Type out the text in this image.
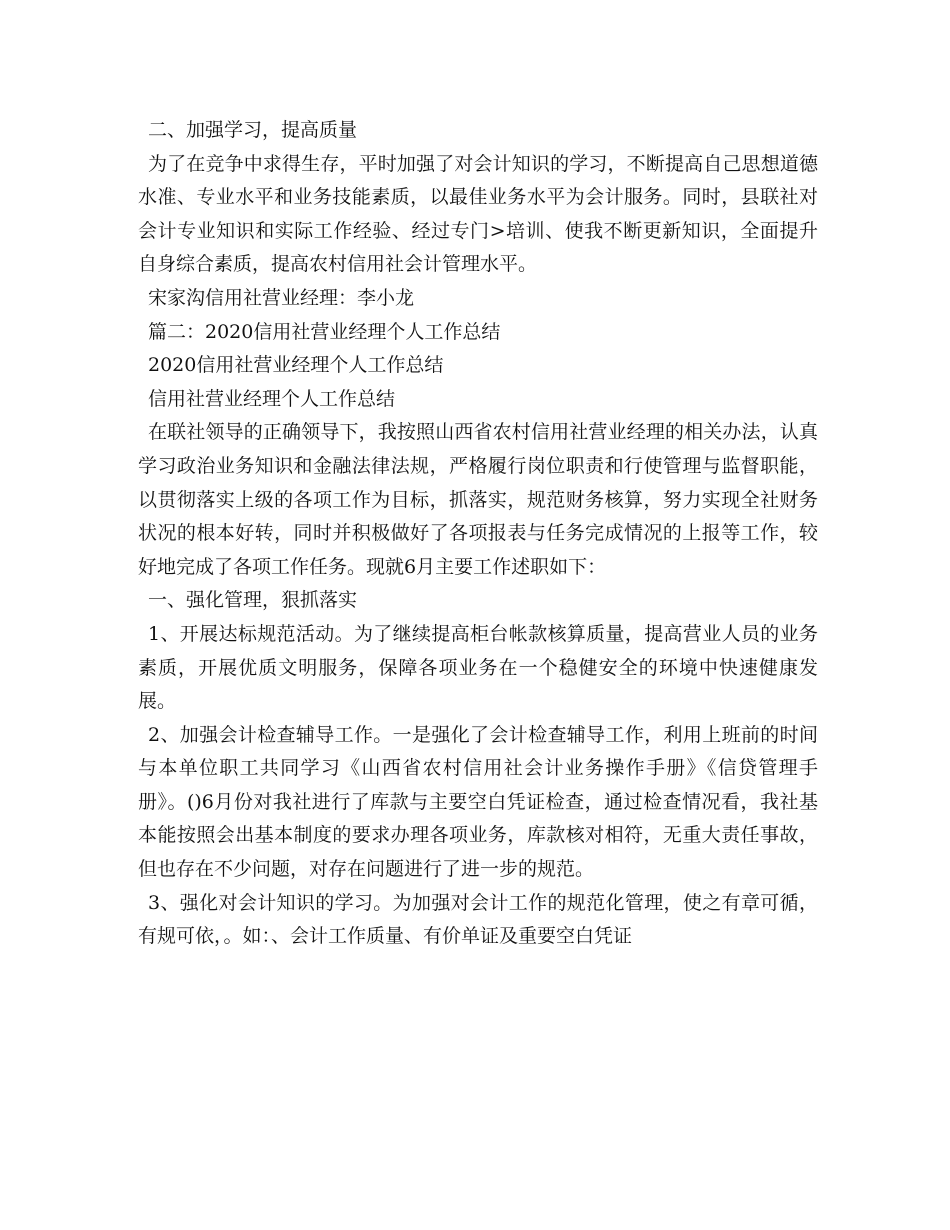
二、加强学习，提高质量

为了在竞争中求得生存，平时加强了对会计知识的学习，不断提高自己思想道德水准、专业水平和业务技能素质，以最佳业务水平为会计服务。同时，县联社对会计专业知识和实际工作经验、经过专门>培训、使我不断更新知识，全面提升自身综合素质，提高农村信用社会计管理水平。

宋家沟信用社营业经理：李小龙

篇二：2020信用社营业经理个人工作总结

2020信用社营业经理个人工作总结

信用社营业经理个人工作总结

在联社领导的正确领导下，我按照山西省农村信用社营业经理的相关办法，认真学习政治业务知识和金融法律法规，严格履行岗位职责和行使管理与监督职能，以贯彻落实上级的各项工作为目标，抓落实，规范财务核算，努力实现全社财务状况的根本好转，同时并积极做好了各项报表与任务完成情况的上报等工作，较好地完成了各项工作任务。现就6月主要工作述职如下：

一、强化管理，狠抓落实

1、开展达标规范活动。为了继续提高柜台帐款核算质量，提高营业人员的业务素质，开展优质文明服务，保障各项业务在一个稳健安全的环境中快速健康发展。

2、加强会计检查辅导工作。一是强化了会计检查辅导工作，利用上班前的时间与本单位职工共同学习《山西省农村信用社会计业务操作手册》《信贷管理手册》。()6月份对我社进行了库款与主要空白凭证检查，通过检查情况看，我社基本能按照会出基本制度的要求办理各项业务，库款核对相符，无重大责任事故，但也存在不少问题，对存在问题进行了进一步的规范。

3、强化对会计知识的学习。为加强对会计工作的规范化管理，使之有章可循，有规可依，。如：、会计工作质量、有价单证及重要空白凭证
